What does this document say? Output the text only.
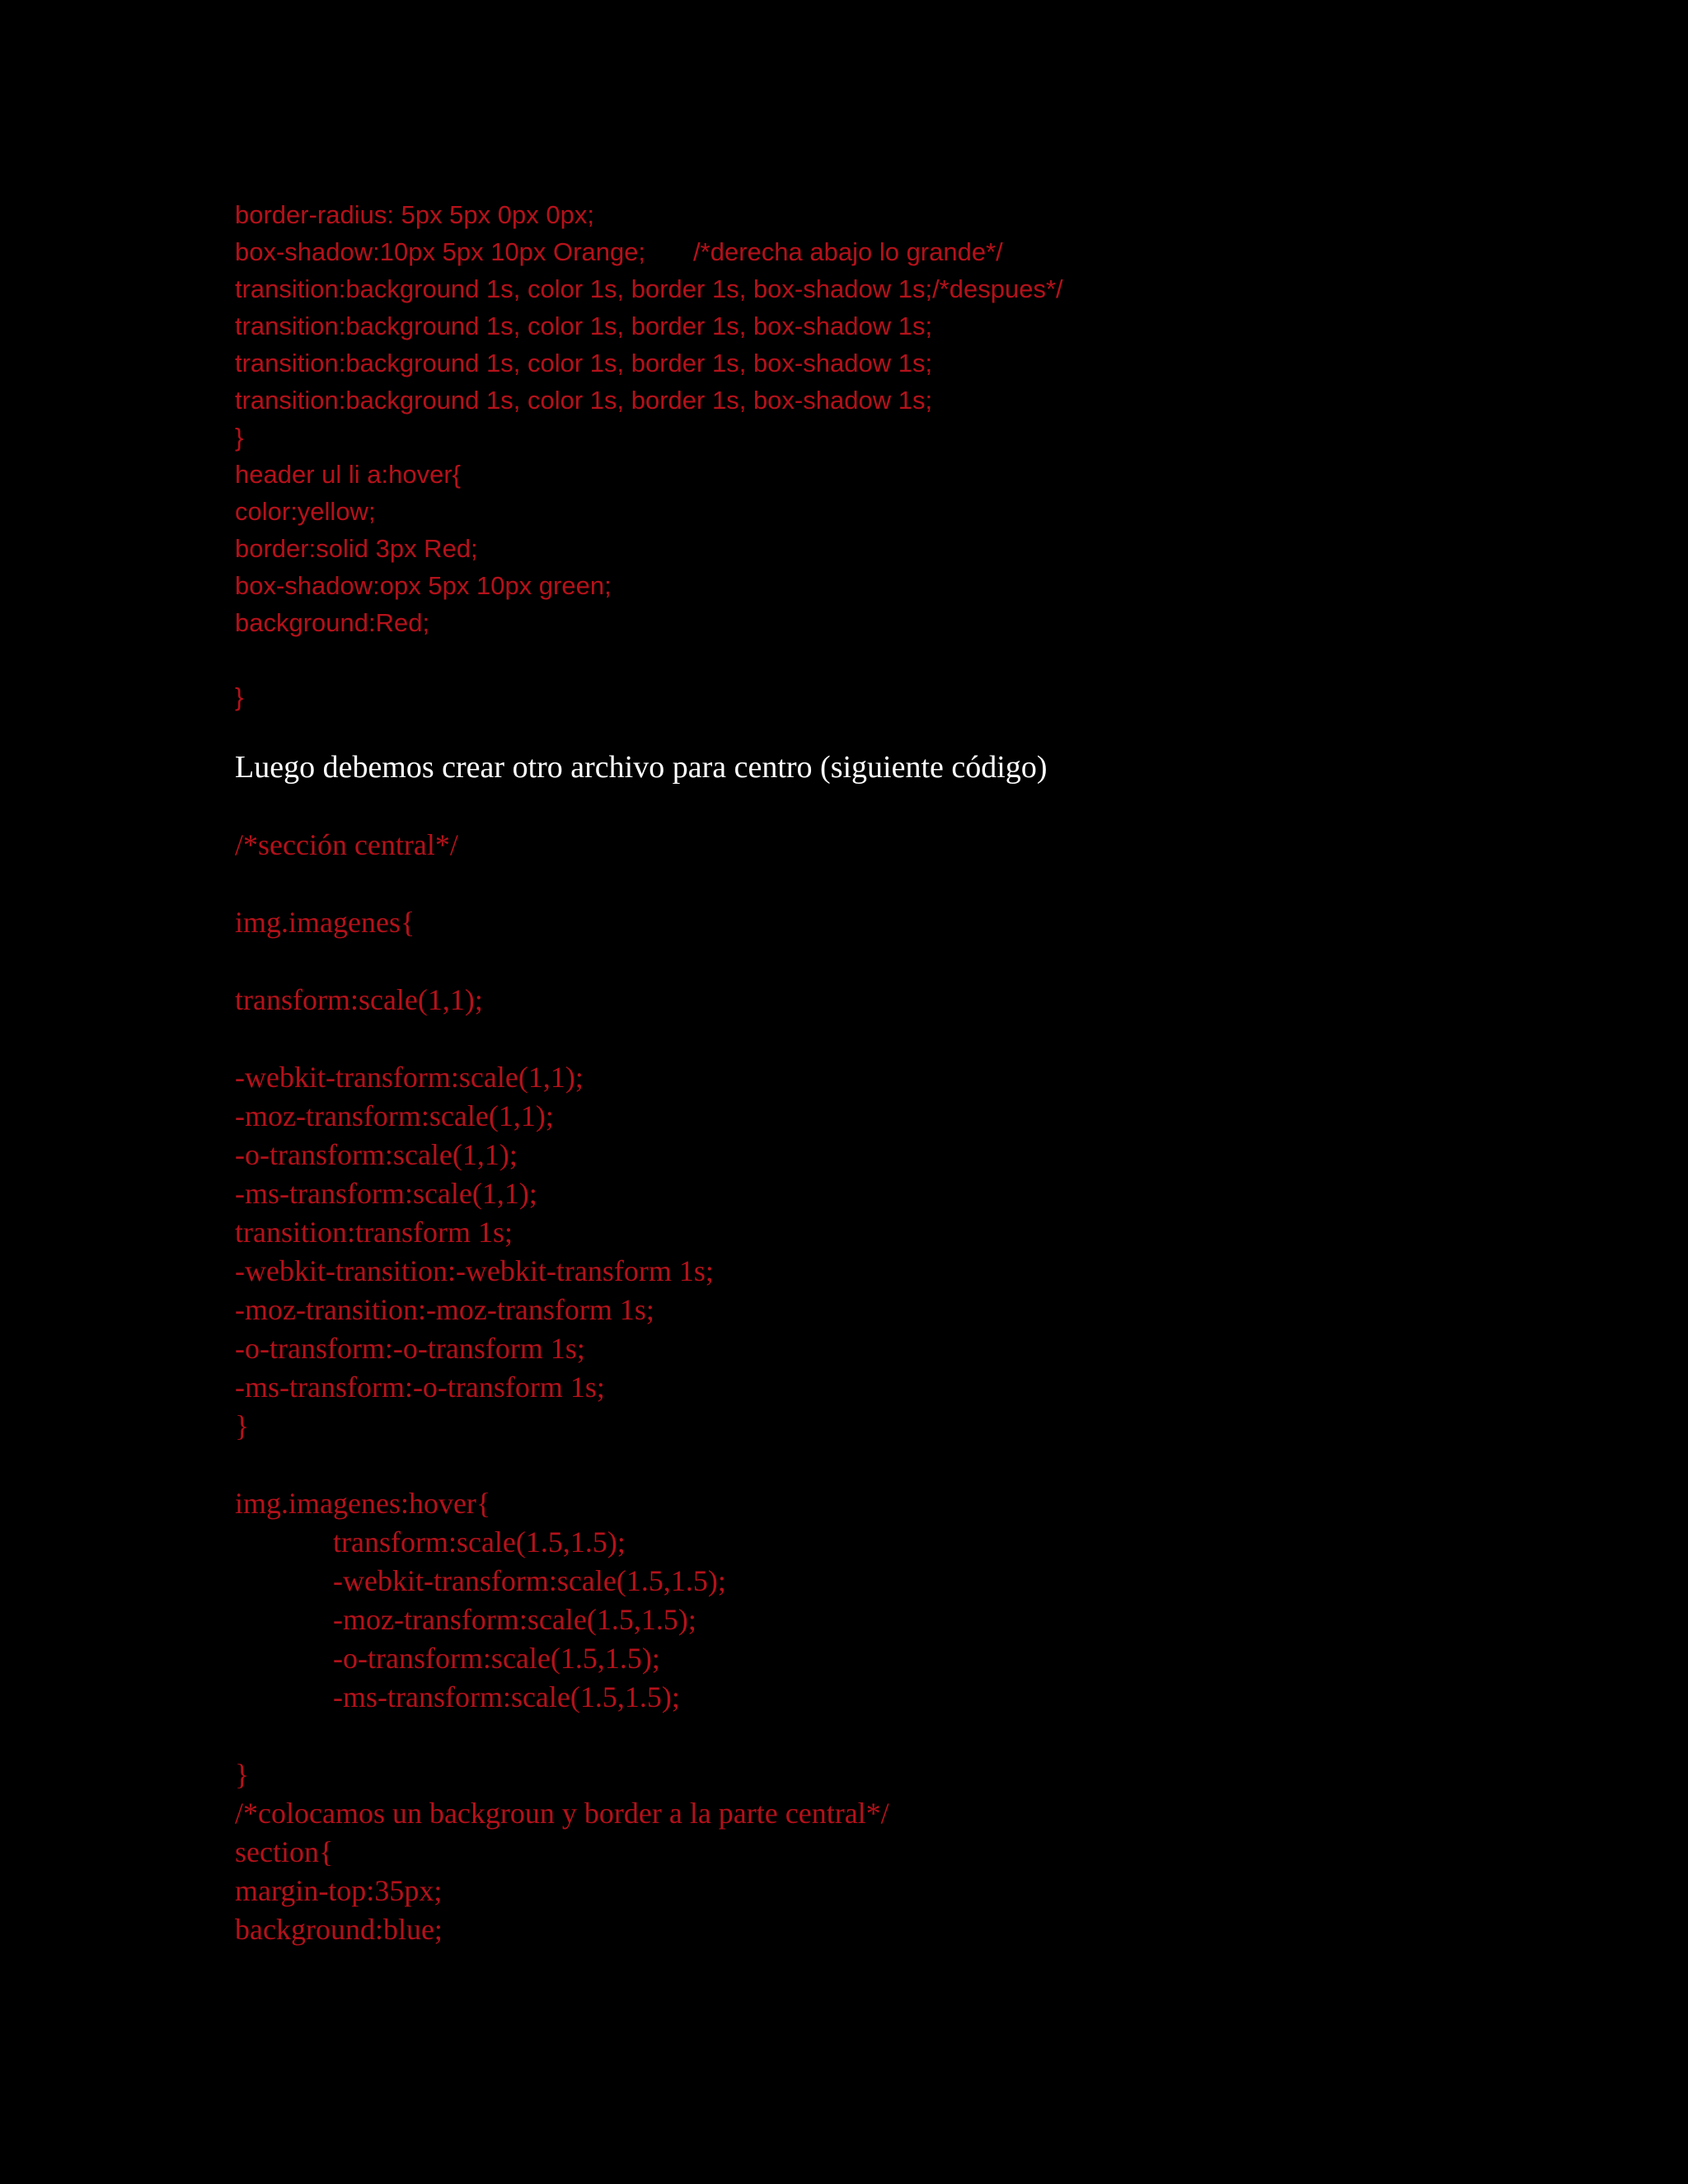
border-radius: 5px 5px 0px 0px;
box-shadow:10px 5px 10px Orange; /*derecha abajo lo grande*/
transition:background 1s, color 1s, border 1s, box-shadow 1s;/*despues*/
transition:background 1s, color 1s, border 1s, box-shadow 1s;
transition:background 1s, color 1s, border 1s, box-shadow 1s;
transition:background 1s, color 1s, border 1s, box-shadow 1s;
}
header ul li a:hover{
color:yellow;
border:solid 3px Red;
box-shadow:opx 5px 10px green;
background:Red;
}
Luego debemos crear otro archivo para centro (siguiente código)
/*sección central*/
img.imagenes{
transform:scale(1,1);
-webkit-transform:scale(1,1);
-moz-transform:scale(1,1);
-o-transform:scale(1,1);
-ms-transform:scale(1,1);
transition:transform 1s;
-webkit-transition:-webkit-transform 1s;
-moz-transition:-moz-transform 1s;
-o-transform:-o-transform 1s;
-ms-transform:-o-transform 1s;
}
img.imagenes:hover{
transform:scale(1.5,1.5);
-webkit-transform:scale(1.5,1.5);
-moz-transform:scale(1.5,1.5);
-o-transform:scale(1.5,1.5);
-ms-transform:scale(1.5,1.5);
}
/*colocamos un backgroun y border a la parte central*/
section{
margin-top:35px;
background:blue;
